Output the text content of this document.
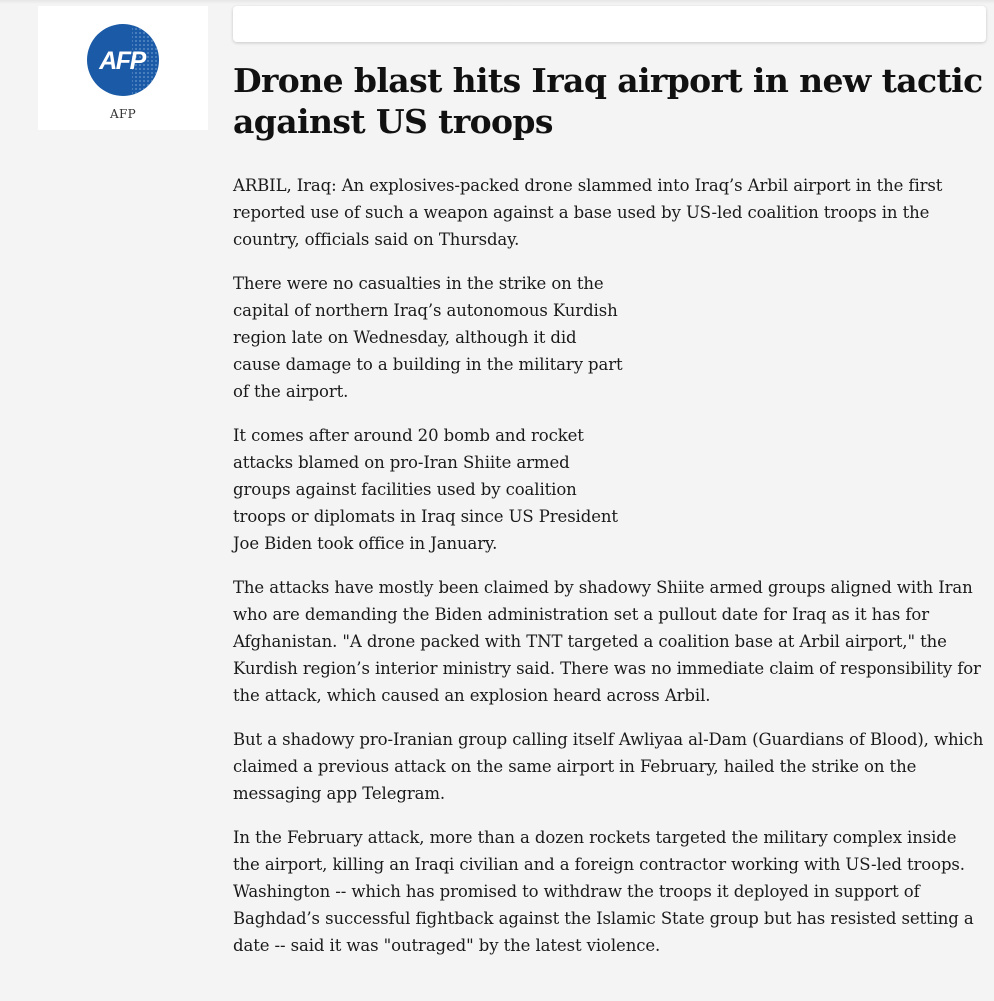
AFP
AFP
Drone blast hits Iraq airport in new tactic against US troops

ARBIL, Iraq: An explosives-packed drone slammed into Iraq’s Arbil airport in the first reported use of such a weapon against a base used by US-led coalition troops in the country, officials said on Thursday.

There were no casualties in the strike on the capital of northern Iraq’s autonomous Kurdish region late on Wednesday, although it did cause damage to a building in the military part of the airport.

It comes after around 20 bomb and rocket attacks blamed on pro-Iran Shiite armed groups against facilities used by coalition troops or diplomats in Iraq since US President Joe Biden took office in January.

The attacks have mostly been claimed by shadowy Shiite armed groups aligned with Iran who are demanding the Biden administration set a pullout date for Iraq as it has for Afghanistan. "A drone packed with TNT targeted a coalition base at Arbil airport," the Kurdish region’s interior ministry said. There was no immediate claim of responsibility for the attack, which caused an explosion heard across Arbil.

But a shadowy pro-Iranian group calling itself Awliyaa al-Dam (Guardians of Blood), which claimed a previous attack on the same airport in February, hailed the strike on the messaging app Telegram.

In the February attack, more than a dozen rockets targeted the military complex inside the airport, killing an Iraqi civilian and a foreign contractor working with US-led troops. Washington -- which has promised to withdraw the troops it deployed in support of Baghdad’s successful fightback against the Islamic State group but has resisted setting a date -- said it was "outraged" by the latest violence.
